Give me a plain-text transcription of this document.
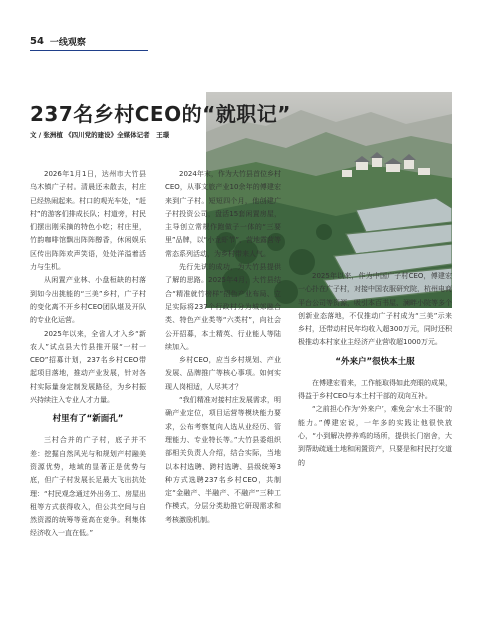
54 一线观察
237名乡村CEO的“就职记”
文 / 张洲植 《四川党的建设》全媒体记者　王璟

2026年1月1日，达州市大竹县乌木镇广子村。清晨还未散去，村庄已经热闹起来。村口的观光车处，“赶村”的游客们排成长队；村道旁，村民们摆出刚采摘的特色小吃；村庄里，竹韵咖啡馆飘出阵阵醇香，休闲娱乐区传出阵阵欢声笑语，处处洋溢着活力与生机。

从闲置产业林、小盘桓缺的村落到如今出挑能的“三美”乡村，广子村的变化离不开乡村CEO团队堪及开队的专业化运营。

2025年以来，全省人才入乡“新农人”试点县大竹县推开展“一村一CEO”招募计划，237名乡村CEO带起项目落地，推动产业发展，针对各村实际量身定制发展路径，为乡村振兴持续注入专业人才力量。

村里有了“新面孔”

三村合并的广子村，底子并不差：挖掘自然风光与和规划产村融美资源优势，地域的显著正是优势与底，但广子村发展长足最大飞出抗处理：“村民观念通过外出务工、房屋出租等方式获得收入，但公共空间与自然资源的统筹等竟高在竞争。利集体经济收入一直在低。”

2024年末，作为大竹县首位乡村CEO，从事文旅产业10余年的傅建宏来到广子村。短短四个月，他创建广子村投资公司，盘活15套闲置房屋，主导创立常规作跑做子一体的“三要里”品牌，以“小龙虾节”、营地露营等常态系列活动，为乡村带来人气。

先行先试的成功，为大竹县提供了解的思路。2025年4月，大竹县结合“精准就竹榜样”招色产业布局、立足实际将237个行政村分为城郊融合类、特色产业类等“六类村”，向社会公开招募，本土精英、行业能人等陆续加入。

乡村CEO，应当乡村规划、产业发展、品牌推广等核心事项。如何实现人岗相适，人尽其才？

“我们精准对接村庄发展需求，明确产业定位，项目运营等模块能力要求，公布考察复向人选从业经历、管理能力、专业特长等。”大竹县委组织部相关负责人介绍，结合实际，当地以本村选聘、跨村选聘、县级统筹3种方式选聘237名乡村CEO，共制定“金融产、半融产、不融产”三种工作模式，分层分类助推它研现需求和考核激励机制。

2025年以来，作为中国广子村CEO，傅建宏一心扑在广子村，对接中国农服研究院，杭州电商平台公司等资源，吸引本百书屋、澜畔小院等多个创新业态落地，不仅推动广子村成为“三美”示来乡村，还带动村民年均收入超300万元，同时还积极推动本村家业主经济产业营收超1000万元。

“外来户”很快本土服

在傅建宏看来，工作能取得如此亮眼的成果，得益于乡村CEO与本土村干部的双向互补。

“之前担心作为‘外来户’，难免会‘水土不服’的能力。”傅建宏说，一年多的实践让他很快放心，“小到解决停养鸡的场所，提供长门宿舍，大到帮助疏通土地和闲置资产，只要是和村民打交道的
